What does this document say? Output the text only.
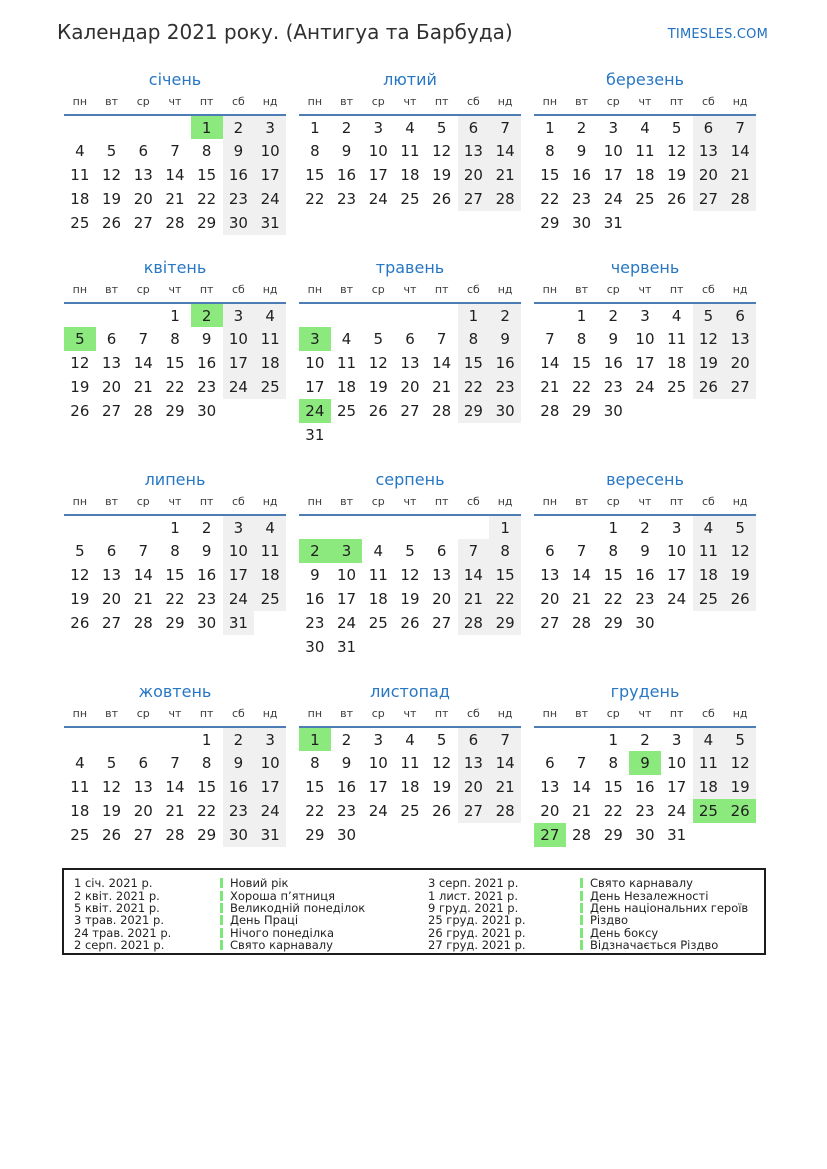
Календар 2021 року. (Антигуа та Барбуда)	TIMESLES.COM
січень
пн	вт	ср	чт	пт	сб	нд
				1	2	3
4	5	6	7	8	9	10
11	12	13	14	15	16	17
18	19	20	21	22	23	24
25	26	27	28	29	30	31
лютий
пн	вт	ср	чт	пт	сб	нд
1	2	3	4	5	6	7
8	9	10	11	12	13	14
15	16	17	18	19	20	21
22	23	24	25	26	27	28
березень
пн	вт	ср	чт	пт	сб	нд
1	2	3	4	5	6	7
8	9	10	11	12	13	14
15	16	17	18	19	20	21
22	23	24	25	26	27	28
29	30	31				
квітень
пн	вт	ср	чт	пт	сб	нд
			1	2	3	4
5	6	7	8	9	10	11
12	13	14	15	16	17	18
19	20	21	22	23	24	25
26	27	28	29	30		
травень
пн	вт	ср	чт	пт	сб	нд
					1	2
3	4	5	6	7	8	9
10	11	12	13	14	15	16
17	18	19	20	21	22	23
24	25	26	27	28	29	30
31						
червень
пн	вт	ср	чт	пт	сб	нд
	1	2	3	4	5	6
7	8	9	10	11	12	13
14	15	16	17	18	19	20
21	22	23	24	25	26	27
28	29	30				
липень
пн	вт	ср	чт	пт	сб	нд
			1	2	3	4
5	6	7	8	9	10	11
12	13	14	15	16	17	18
19	20	21	22	23	24	25
26	27	28	29	30	31	
серпень
пн	вт	ср	чт	пт	сб	нд
						1
2	3	4	5	6	7	8
9	10	11	12	13	14	15
16	17	18	19	20	21	22
23	24	25	26	27	28	29
30	31					
вересень
пн	вт	ср	чт	пт	сб	нд
		1	2	3	4	5
6	7	8	9	10	11	12
13	14	15	16	17	18	19
20	21	22	23	24	25	26
27	28	29	30			
жовтень
пн	вт	ср	чт	пт	сб	нд
				1	2	3
4	5	6	7	8	9	10
11	12	13	14	15	16	17
18	19	20	21	22	23	24
25	26	27	28	29	30	31
листопад
пн	вт	ср	чт	пт	сб	нд
1	2	3	4	5	6	7
8	9	10	11	12	13	14
15	16	17	18	19	20	21
22	23	24	25	26	27	28
29	30					
грудень
пн	вт	ср	чт	пт	сб	нд
		1	2	3	4	5
6	7	8	9	10	11	12
13	14	15	16	17	18	19
20	21	22	23	24	25	26
27	28	29	30	31		
1 січ. 2021 р.	Новий рік	3 серп. 2021 р.	Свято карнавалу
2 квіт. 2021 р.	Хороша п’ятниця	1 лист. 2021 р.	День Незалежності
5 квіт. 2021 р.	Великодній понеділок	9 груд. 2021 р.	День національних героїв
3 трав. 2021 р.	День Праці	25 груд. 2021 р.	Різдво
24 трав. 2021 р.	Нічого понеділка	26 груд. 2021 р.	День боксу
2 серп. 2021 р.	Свято карнавалу	27 груд. 2021 р.	Відзначається Різдво
